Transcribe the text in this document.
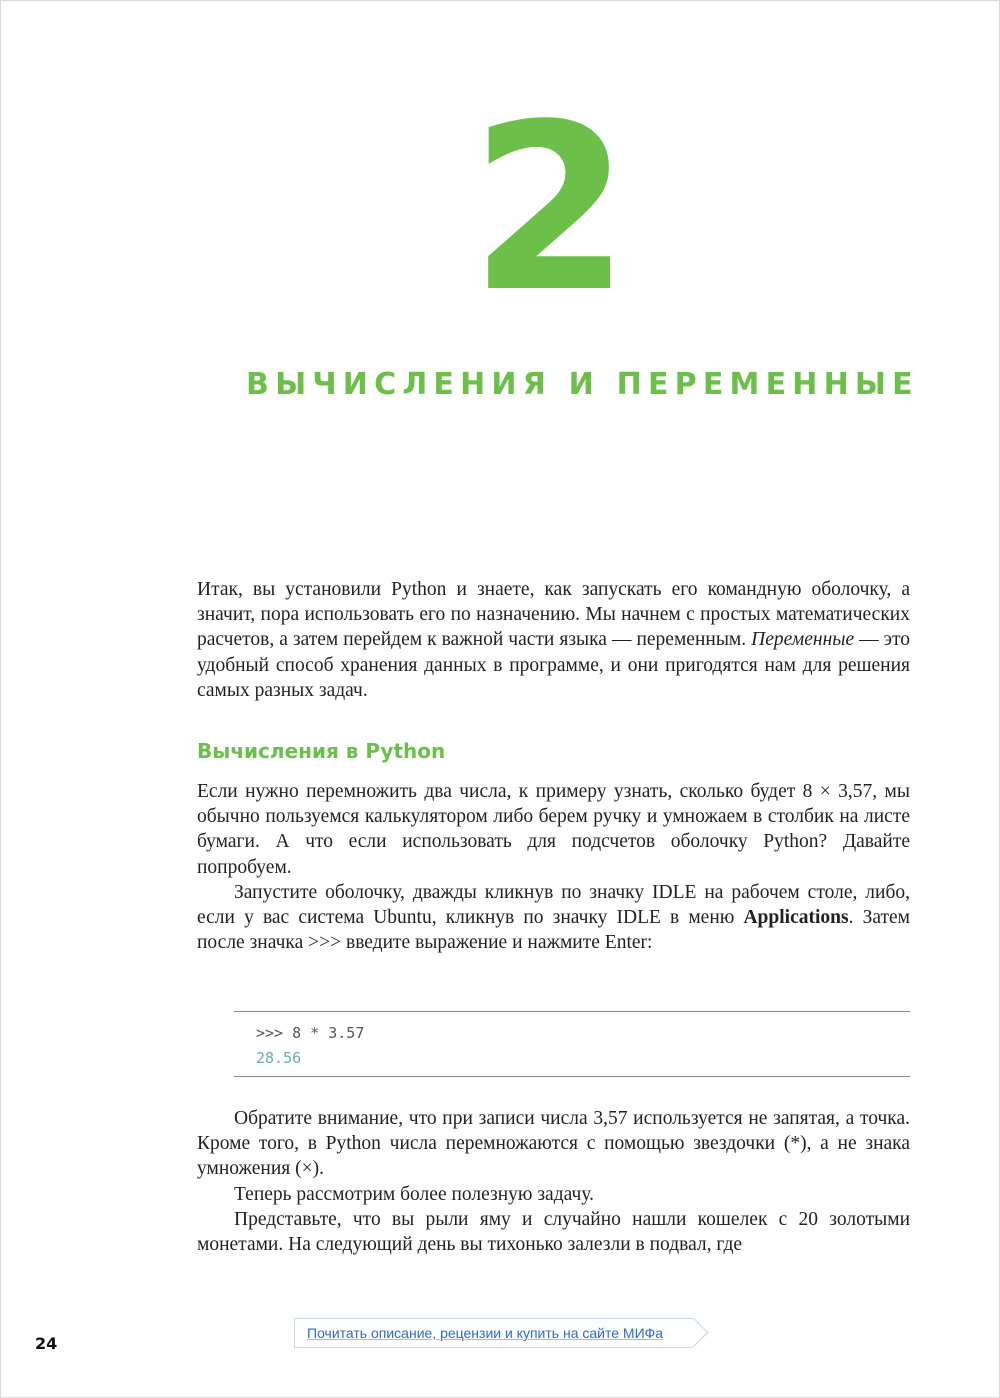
2
ВЫЧИСЛЕНИЯ И ПЕРЕМЕННЫЕ

Итак, вы установили Python и знаете, как запускать его командную оболочку, а значит, пора использовать его по назначению. Мы начнем с простых математических расчетов, а затем перейдем к важной части языка — переменным. Переменные — это удобный способ хранения данных в программе, и они пригодятся нам для решения самых разных задач.

Вычисления в Python

Если нужно перемножить два числа, к примеру узнать, сколько будет 8 × 3,57, мы обычно пользуемся калькулятором либо берем ручку и умножаем в столбик на листе бумаги. А что если использовать для подсчетов оболочку Python? Давайте попробуем.

Запустите оболочку, дважды кликнув по значку IDLE на рабочем столе, либо, если у вас система Ubuntu, кликнув по значку IDLE в меню Applications. Затем после значка >>> введите выражение и нажмите Enter:

>>> 8 * 3.57
28.56

Обратите внимание, что при записи числа 3,57 используется не запятая, а точка. Кроме того, в Python числа перемножаются с помощью звездочки (*), а не знака умножения (×).

Теперь рассмотрим более полезную задачу.

Представьте, что вы рыли яму и случайно нашли кошелек с 20 золотыми монетами. На следующий день вы тихонько залезли в подвал, где

24
Почитать описание, рецензии и купить на сайте МИФа
